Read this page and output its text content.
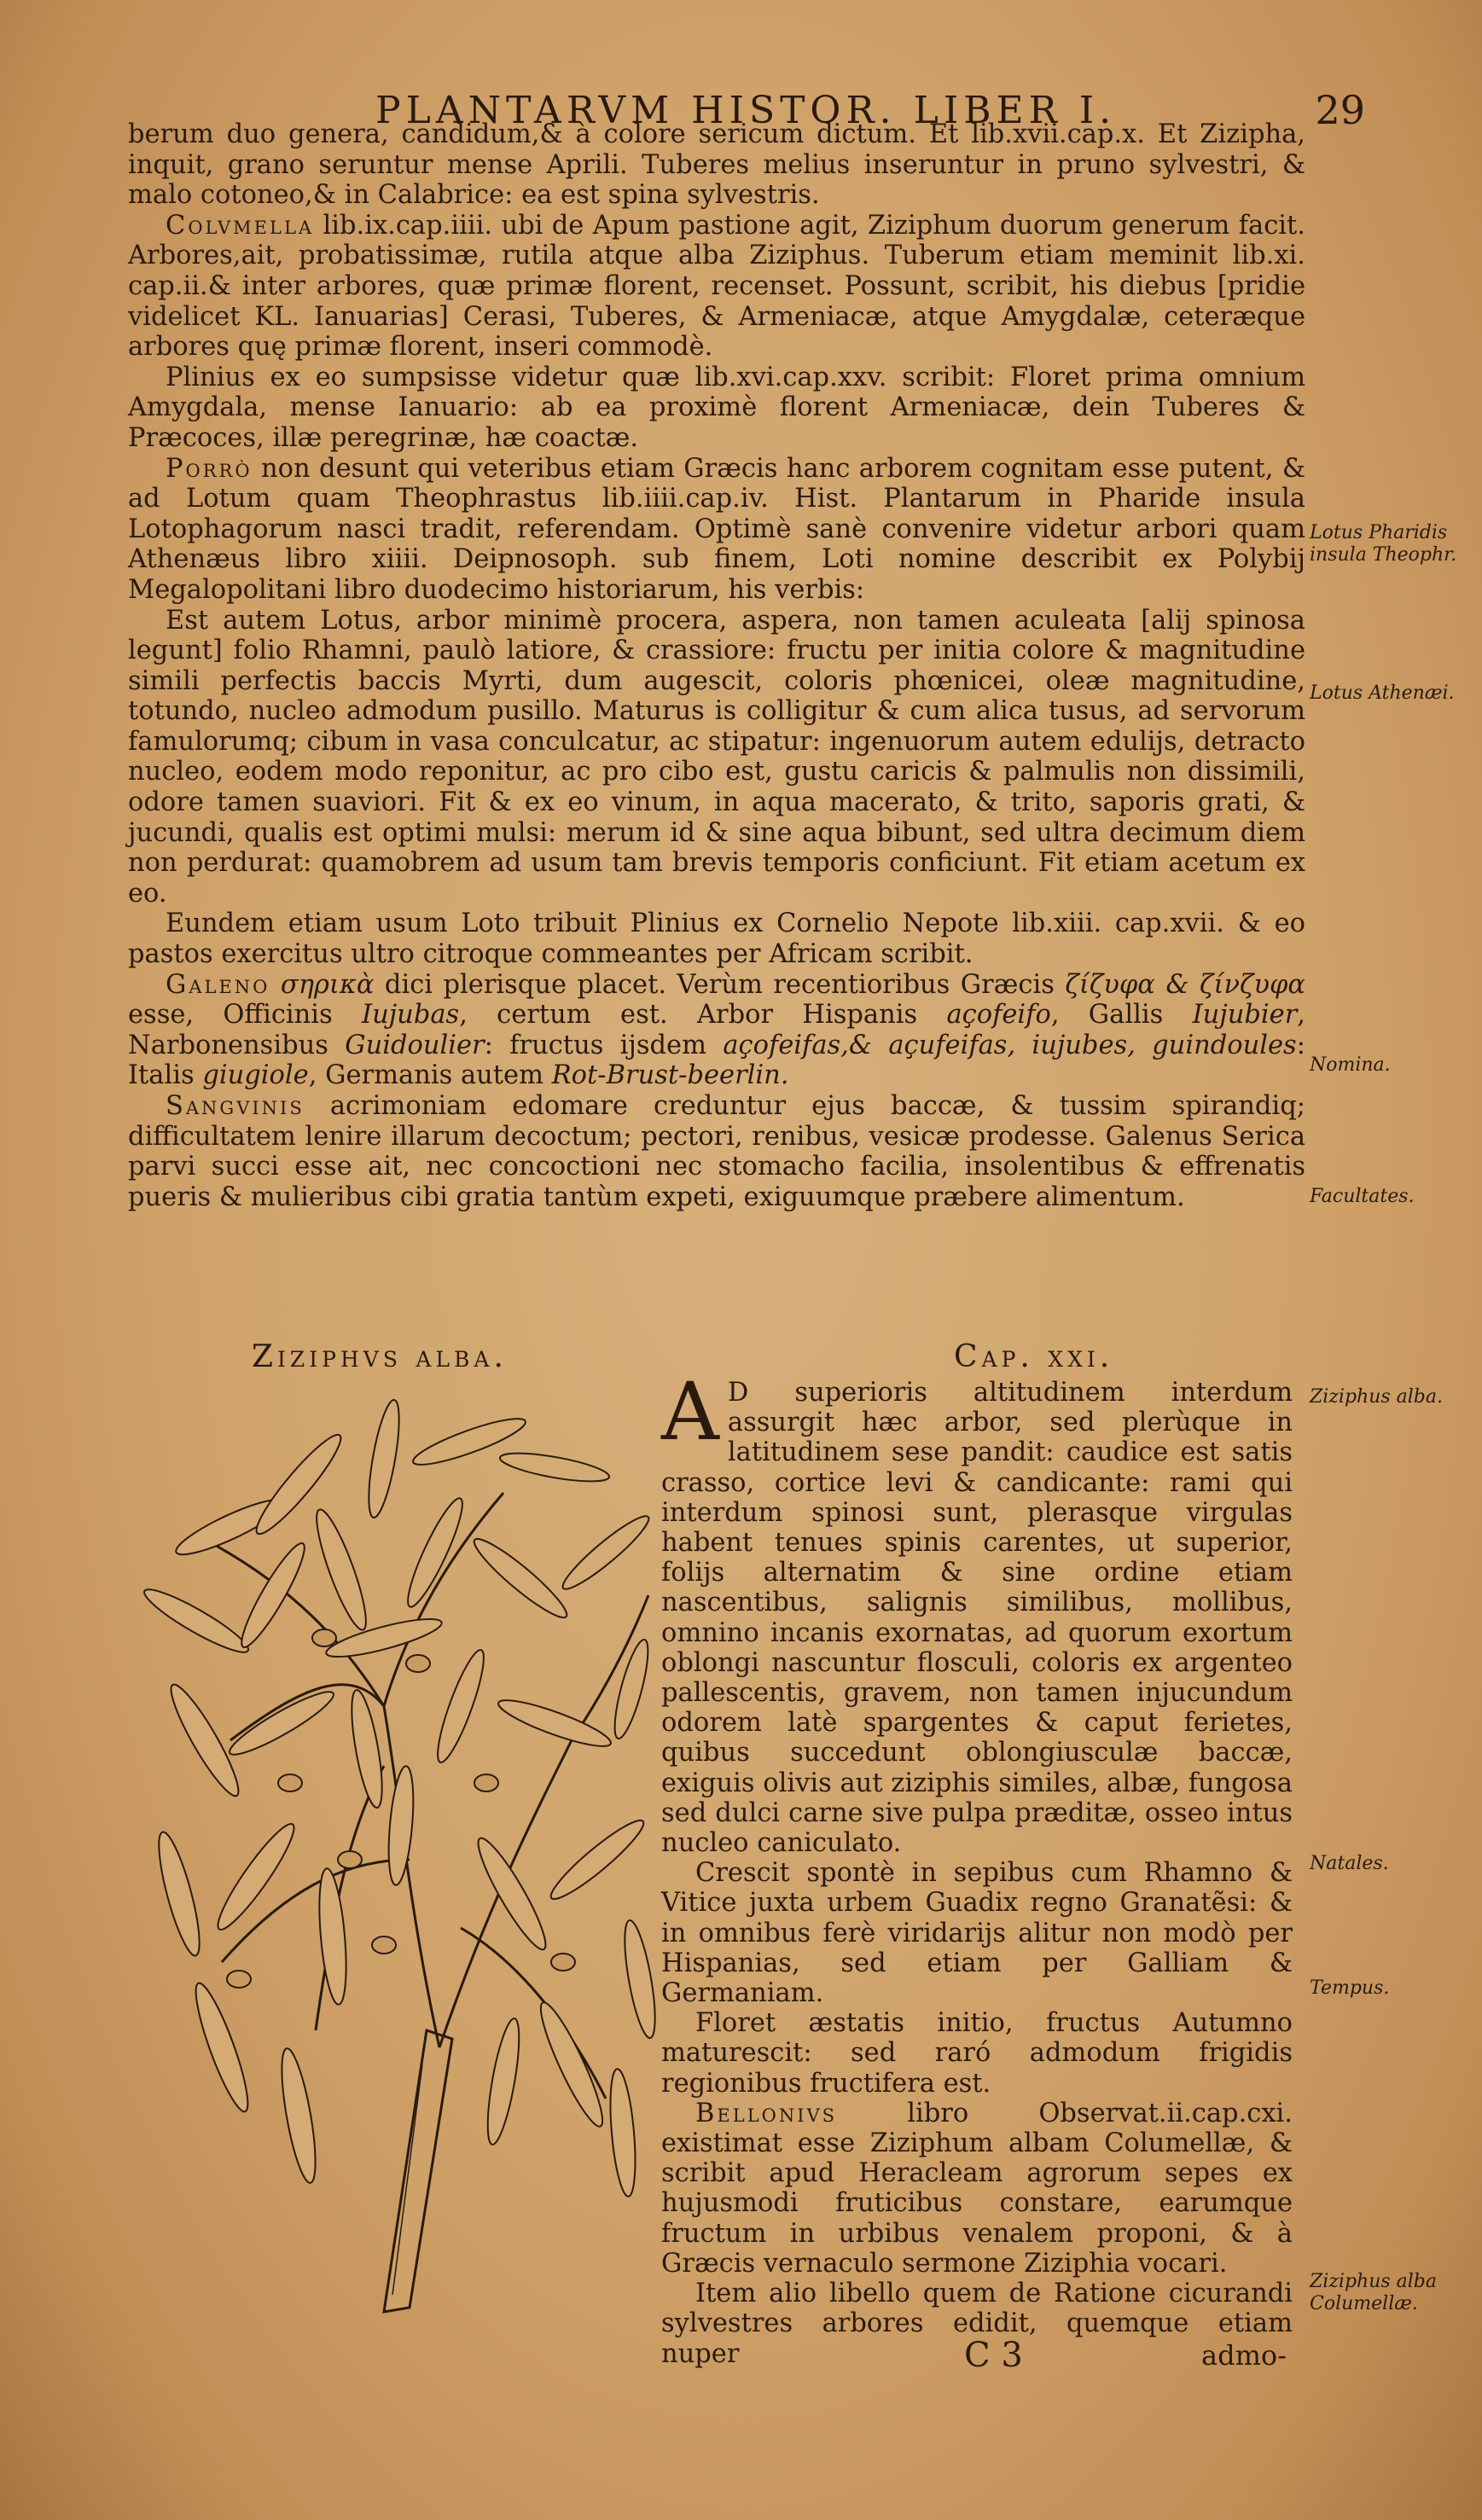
PLANTARVM HISTOR. LIBER I.	29

berum duo genera, candidum,& à colore sericum dictum. Et lib.xvii.cap.x. Et Zizipha, inquit, grano seruntur mense Aprili. Tuberes melius inseruntur in pruno sylvestri, & malo cotoneo,& in Calabrice: ea est spina sylvestris.

Colvmella lib.ix.cap.iiii. ubi de Apum pastione agit, Ziziphum duorum generum facit. Arbores,ait, probatissimæ, rutila atque alba Ziziphus. Tuberum etiam meminit lib.xi. cap.ii.& inter arbores, quæ primæ florent, recenset. Possunt, scribit, his diebus [pridie videlicet KL. Ianuarias] Cerasi, Tuberes, & Armeniacæ, atque Amygdalæ, ceteræque arbores quę primæ florent, inseri commodè.

Plinius ex eo sumpsisse videtur quæ lib.xvi.cap.xxv. scribit: Floret prima omnium Amygdala, mense Ianuario: ab ea proximè florent Armeniacæ, dein Tuberes & Præcoces, illæ peregrinæ, hæ coactæ.

Porrò non desunt qui veteribus etiam Græcis hanc arborem cognitam esse putent, & ad Lotum quam Theophrastus lib.iiii.cap.iv. Hist. Plantarum in Pharide insula Lotophagorum nasci tradit, referendam. Optimè sanè convenire videtur arbori quam Athenæus libro xiiii. Deipnosoph. sub finem, Loti nomine describit ex Polybij Megalopolitani libro duodecimo historiarum, his verbis:

Est autem Lotus, arbor minimè procera, aspera, non tamen aculeata [alij spinosa legunt] folio Rhamni, paulò latiore, & crassiore: fructu per initia colore & magnitudine simili perfectis baccis Myrti, dum augescit, coloris phœnicei, oleæ magnitudine, totundo, nucleo admodum pusillo. Maturus is colligitur & cum alica tusus, ad servorum famulorumq; cibum in vasa conculcatur, ac stipatur: ingenuorum autem edulijs, detracto nucleo, eodem modo reponitur, ac pro cibo est, gustu caricis & palmulis non dissimili, odore tamen suaviori. Fit & ex eo vinum, in aqua macerato, & trito, saporis grati, & jucundi, qualis est optimi mulsi: merum id & sine aqua bibunt, sed ultra decimum diem non perdurat: quamobrem ad usum tam brevis temporis conficiunt. Fit etiam acetum ex eo.

Eundem etiam usum Loto tribuit Plinius ex Cornelio Nepote lib.xiii. cap.xvii. & eo pastos exercitus ultro citroque commeantes per Africam scribit.

Galeno σηρικὰ dici plerisque placet. Verùm recentioribus Græcis ζίζυφα & ζίνζυφα esse, Officinis Iujubas, certum est. Arbor Hispanis açofeifo, Gallis Iujubier, Narbonensibus Guidoulier: fructus ijsdem açofeifas,& açufeifas, iujubes, guindoules: Italis giugiole, Germanis autem Rot-Brust-beerlin.

Sangvinis acrimoniam edomare creduntur ejus baccæ, & tussim spirandiq; difficultatem lenire illarum decoctum; pectori, renibus, vesicæ prodesse. Galenus Serica parvi succi esse ait, nec concoctioni nec stomacho facilia, insolentibus & effrenatis pueris & mulieribus cibi gratia tantùm expeti, exiguumque præbere alimentum.

Lotus Pharidis insula Theophr.
Lotus Athenæi.
Nomina.
Facultates.
Ziziphvs alba.	Cap. xxi.

A D superioris altitudinem interdum assurgit hæc arbor, sed plerùque in latitudinem sese pandit: caudice est satis crasso, cortice levi & candicante: rami qui interdum spinosi sunt, plerasque virgulas habent tenues spinis carentes, ut superior, folijs alternatim & sine ordine etiam nascentibus, salignis similibus, mollibus, omnino incanis exornatas, ad quorum exortum oblongi nascuntur flosculi, coloris ex argenteo pallescentis, gravem, non tamen injucundum odorem latè spargentes & caput ferietes, quibus succedunt oblongiusculæ baccæ, exiguis olivis aut ziziphis similes, albæ, fungosa sed dulci carne sive pulpa præditæ, osseo intus nucleo caniculato.

Crescit spontè in sepibus cum Rhamno & Vitice juxta urbem Guadix regno Granatẽsi: & in omnibus ferè viridarijs alitur non modò per Hispanias, sed etiam per Galliam & Germaniam.

Floret æstatis initio, fructus Autumno maturescit: sed raró admodum frigidis regionibus fructifera est.

Bellonivs libro Observat.ii.cap.cxi. existimat esse Ziziphum albam Columellæ, & scribit apud Heracleam agrorum sepes ex hujusmodi fruticibus constare, earumque fructum in urbibus venalem proponi, & à Græcis vernaculo sermone Ziziphia vocari.

Item alio libello quem de Ratione cicurandi sylvestres arbores edidit, quemque etiam nuper

Ziziphus alba.
Natales.
Tempus.
Ziziphus alba Columellæ.
C 3	admo-
